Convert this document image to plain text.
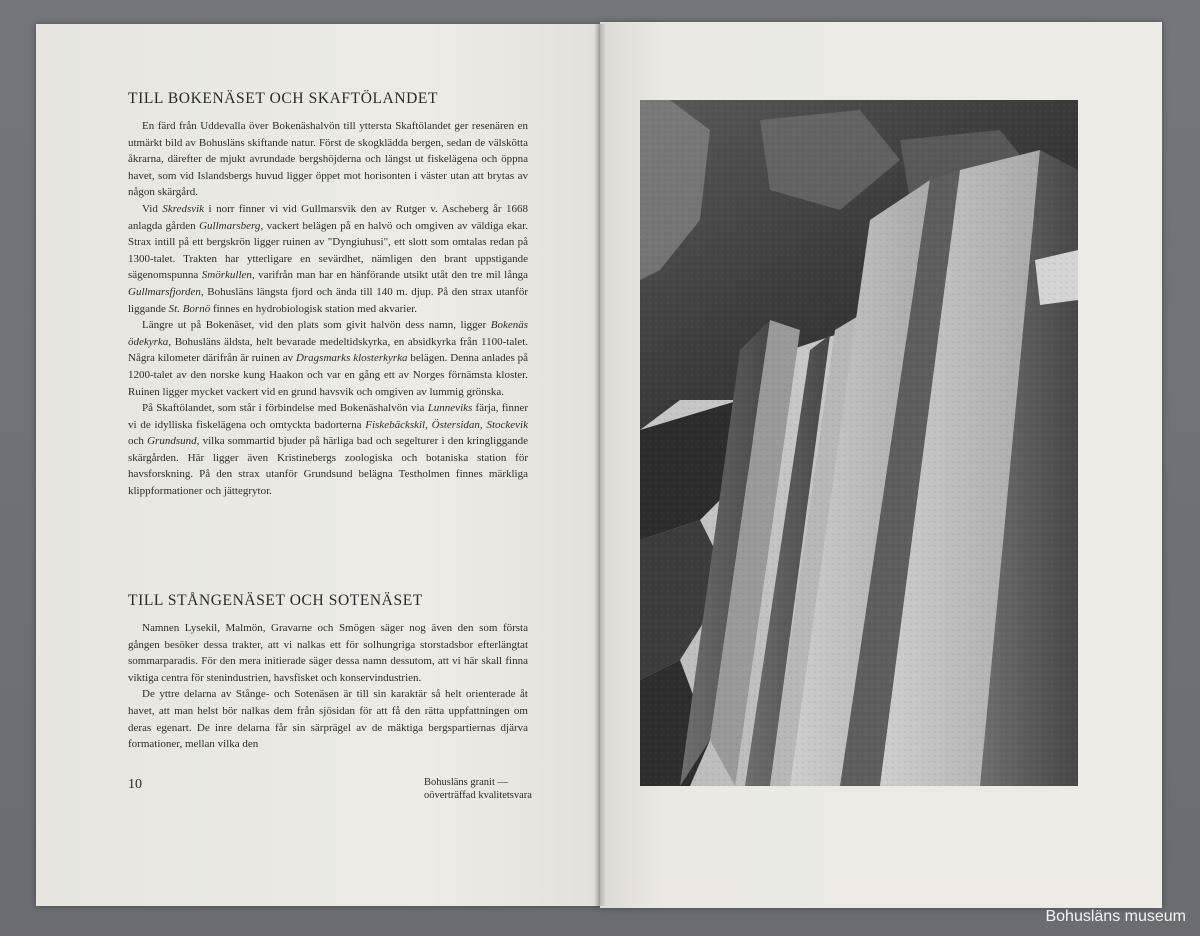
TILL BOKENÄSET OCH SKAFTÖLANDET

En färd från Uddevalla över Bokenäshalvön till yttersta Skaftölandet ger resenären en utmärkt bild av Bohusläns skiftande natur. Först de skogklädda bergen, sedan de välskötta åkrarna, därefter de mjukt avrundade bergshöjderna och längst ut fiskelägena och öppna havet, som vid Islandsbergs huvud ligger öppet mot horisonten i väster utan att brytas av någon skärgård.

Vid Skredsvik i norr finner vi vid Gullmarsvik den av Rutger v. Ascheberg år 1668 anlagda gården Gullmarsberg, vackert belägen på en halvö och omgiven av väldiga ekar. Strax intill på ett bergskrön ligger ruinen av "Dyngiuhusi", ett slott som omtalas redan på 1300-talet. Trakten har ytterligare en sevärdhet, nämligen den brant uppstigande sägenomspunna Smörkullen, varifrån man har en hänförande utsikt utåt den tre mil långa Gullmarsfjorden, Bohusläns längsta fjord och ända till 140 m. djup. På den strax utanför liggande St. Bornö finnes en hydrobiologisk station med akvarier.

Längre ut på Bokenäset, vid den plats som givit halvön dess namn, ligger Bokenäs ödekyrka, Bohusläns äldsta, helt bevarade medeltidskyrka, en absidkyrka från 1100-talet. Några kilometer därifrån är ruinen av Dragsmarks klosterkyrka belägen. Denna anlades på 1200-talet av den norske kung Haakon och var en gång ett av Norges förnämsta kloster. Ruinen ligger mycket vackert vid en grund havsvik och omgiven av lummig grönska.

På Skaftölandet, som står i förbindelse med Bokenäshalvön via Lunneviks färja, finner vi de idylliska fiskelägena och omtyckta badorterna Fiskebäckskil, Östersidan, Stockevik och Grundsund, vilka sommartid bjuder på härliga bad och segelturer i den kringliggande skärgården. Här ligger även Kristinebergs zoologiska och botaniska station för havsforskning. På den strax utanför Grundsund belägna Testholmen finnes märkliga klippformationer och jättegrytor.

TILL STÅNGENÄSET OCH SOTENÄSET

Namnen Lysekil, Malmön, Gravarne och Smögen säger nog även den som första gången besöker dessa trakter, att vi nalkas ett för solhungriga storstadsbor efterlängtat sommarparadis. För den mera initierade säger dessa namn dessutom, att vi här skall finna viktiga centra för stenindustrien, havsfisket och konservindustrien.

De yttre delarna av Stånge- och Sotenäsen är till sin karaktär så helt orienterade åt havet, att man helst bör nalkas dem från sjösidan för att få den rätta uppfattningen om deras egenart. De inre delarna får sin särprägel av de mäktiga bergspartiernas djärva formationer, mellan vilka den

10	Bohusläns granit —
oöverträffad kvalitetsvara
Bohusläns museum
